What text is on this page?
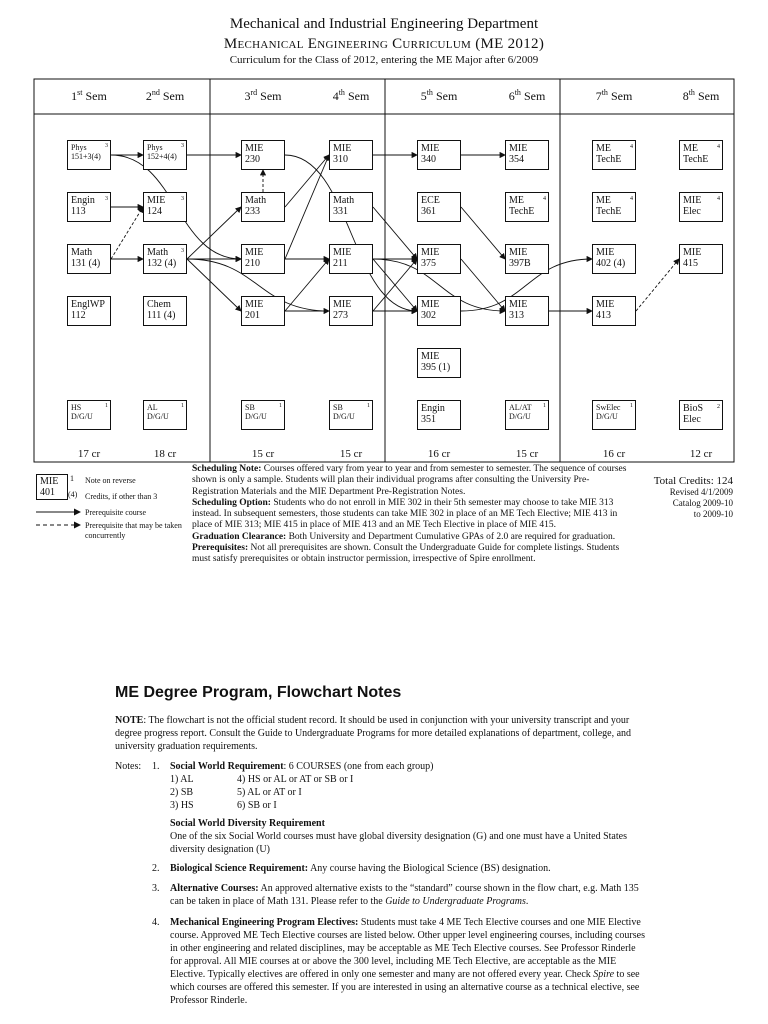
Mechanical and Industrial Engineering Department
Mechanical Engineering Curriculum (ME 2012)
Curriculum for the Class of 2012, entering the ME Major after 6/2009
1st Sem	2nd Sem	3rd Sem	4th Sem	5th Sem	6th Sem	7th Sem	8th Sem
Phys
151+3(4)
3
Engin
113
3
Math
131 (4)
EnglWP
112
HS
D/G/U
1
Phys
152+4(4)
3
MIE
124
3
Math
132 (4)
3
Chem
111 (4)
AL
D/G/U
1
MIE
230
Math
233
MIE
210
MIE
201
SB
D/G/U
1
MIE
310
Math
331
MIE
211
MIE
273
SB
D/G/U
1
MIE
340
ECE
361
MIE
375
MIE
302
MIE
395 (1)
Engin
351
MIE
354
ME
TechE
4
MIE
397B
MIE
313
AL/AT
D/G/U
1
ME
TechE
4
ME
TechE
4
MIE
402 (4)
MIE
413
SwElec
D/G/U
1
ME
TechE
4
MIE
Elec
4
MIE
415
BioS
Elec
2
17 cr	18 cr	15 cr	15 cr	16 cr	15 cr	16 cr	12 cr
MIE
401
1
(4)
Note on reverse
Credits, if other than 3
Prerequisite course
Prerequisite that may be taken concurrently
Scheduling Note: Courses offered vary from year to year and from semester to semester. The sequence of courses shown is only a sample. Students will plan their individual programs after consulting the University Pre-Registration Materials and the MIE Department Pre-Registration Notes.
Scheduling Option: Students who do not enroll in MIE 302 in their 5th semester may choose to take MIE 313 instead. In subsequent semesters, those students can take MIE 302 in place of an ME Tech Elective; MIE 413 in place of MIE 313; MIE 415 in place of MIE 413 and an ME Tech Elective in place of MIE 415.
Graduation Clearance: Both University and Department Cumulative GPAs of 2.0 are required for graduation.
Prerequisites: Not all prerequisites are shown. Consult the Undergraduate Guide for complete listings. Students must satisfy prerequisites or obtain instructor permission, irrespective of Spire enrollment.
Total Credits: 124
Revised 4/1/2009
Catalog 2009-10
to 2009-10
ME Degree Program, Flowchart Notes
NOTE: The flowchart is not the official student record. It should be used in conjunction with your university transcript and your degree progress report. Consult the Guide to Undergraduate Programs for more detailed explanations of department, college, and university graduation requirements.
Notes: 1. Social World Requirement: 6 COURSES (one from each group)
1) AL
2) SB
3) HS
4) HS or AL or AT or SB or I
5) AL or AT or I
6) SB or I
Social World Diversity Requirement
One of the six Social World courses must have global diversity designation (G) and one must have a United States diversity designation (U)
2. Biological Science Requirement: Any course having the Biological Science (BS) designation.
3. Alternative Courses: An approved alternative exists to the “standard” course shown in the flow chart, e.g. Math 135 can be taken in place of Math 131. Please refer to the Guide to Undergraduate Programs.
4. Mechanical Engineering Program Electives: Students must take 4 ME Tech Elective courses and one MIE Elective course. Approved ME Tech Elective courses are listed below. Other upper level engineering courses, including courses in other engineering and related disciplines, may be acceptable as ME Tech Elective courses. See Professor Rinderle for approval. All MIE courses at or above the 300 level, including ME Tech Elective, are acceptable as the MIE Elective. Typically electives are offered in only one semester and many are not offered every year. Check Spire to see which courses are offered this semester. If you are interested in using an alternative course as a technical elective, see Professor Rinderle.
